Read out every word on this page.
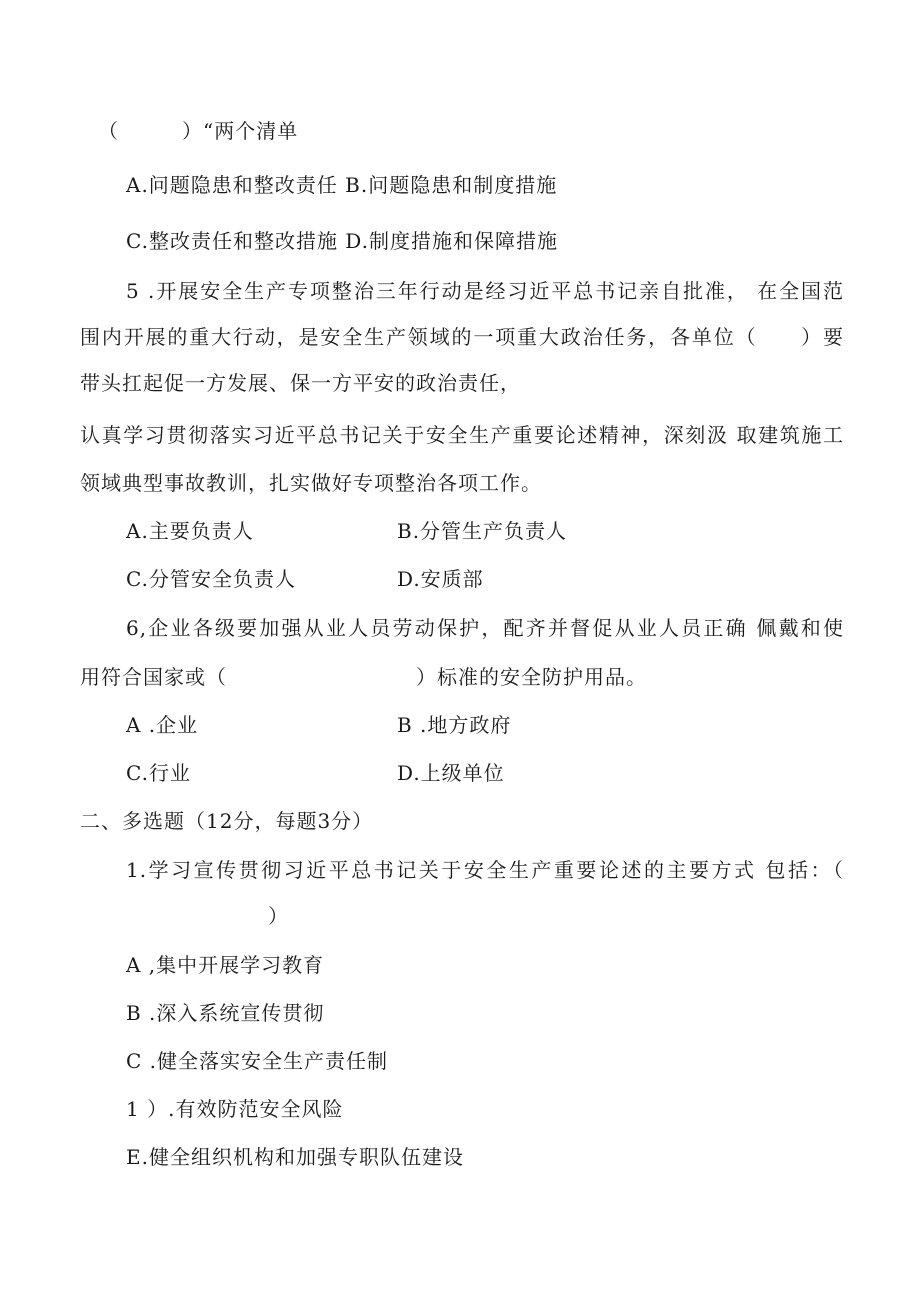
（　　　）“两个清单
A.问题隐患和整改责任 B.问题隐患和制度措施
C.整改责任和整改措施 D.制度措施和保障措施
5 .开展安全生产专项整治三年行动是经习近平总书记亲自批准， 在全国范
围内开展的重大行动，是安全生产领域的一项重大政治任务，各单位（　　）要
带头扛起促一方发展、保一方平安的政治责任，
认真学习贯彻落实习近平总书记关于安全生产重要论述精神，深刻汲 取建筑施工
领域典型事故教训，扎实做好专项整治各项工作。
A.主要负责人	B.分管生产负责人
C.分管安全负责人	D.安质部
6,企业各级要加强从业人员劳动保护，配齐并督促从业人员正确 佩戴和使
用符合国家或（　　　　　　　　　）标准的安全防护用品。
A .企业	B .地方政府
C.行业	D.上级单位
二、多选题（12分，每题3分）
1.学习宣传贯彻习近平总书记关于安全生产重要论述的主要方式 包括：（
　　　　　　　　）
A ,集中开展学习教育
B .深入系统宣传贯彻
C .健全落实安全生产责任制
1 ）.有效防范安全风险
E.健全组织机构和加强专职队伍建设
